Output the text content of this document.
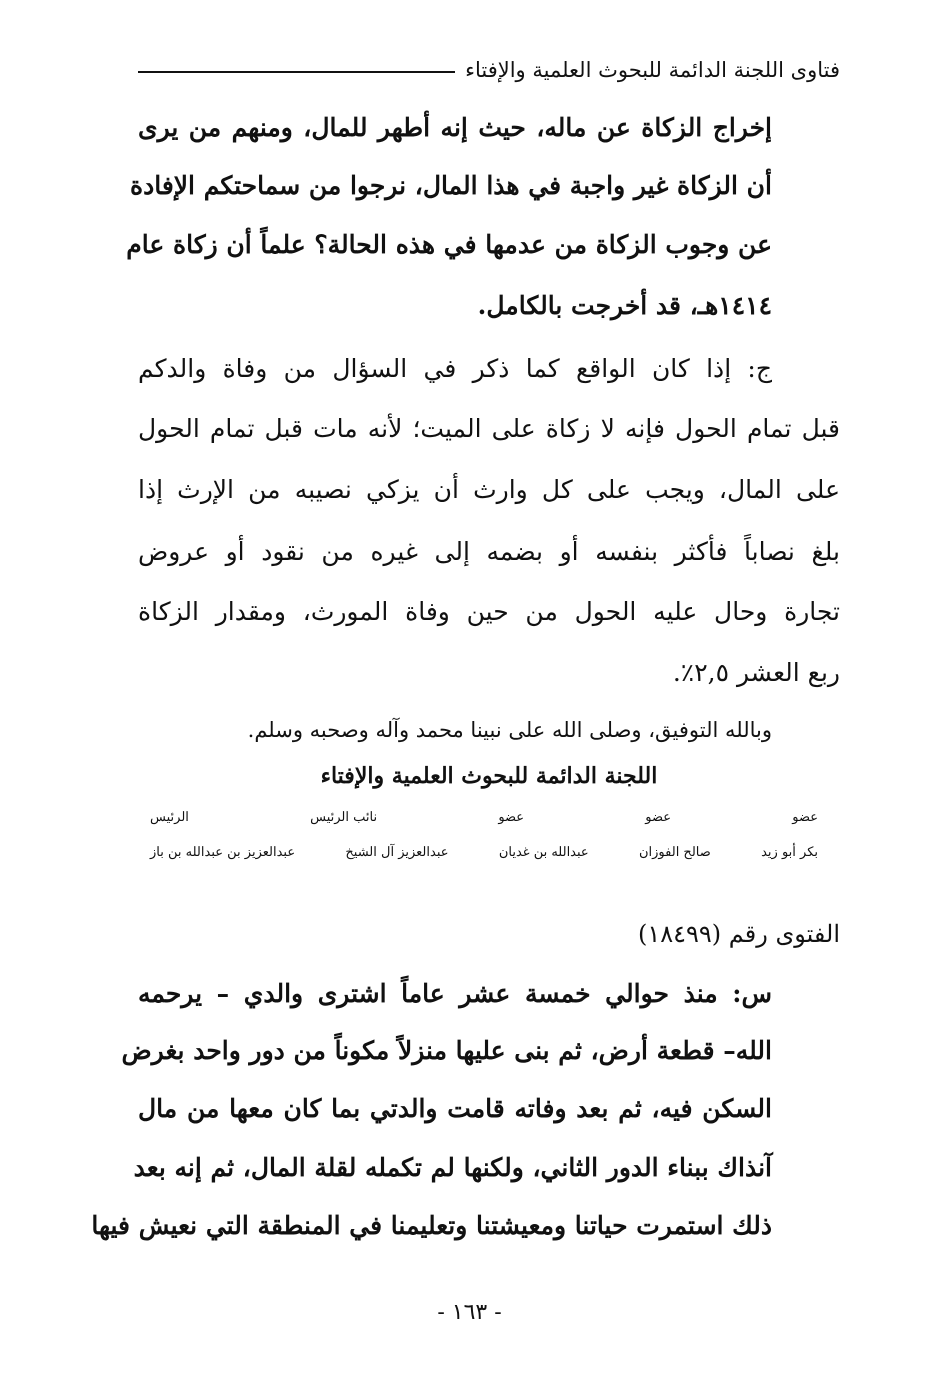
فتاوى اللجنة الدائمة للبحوث العلمية والإفتاء
إخراج الزكاة عن ماله، حيث إنه أطهر للمال، ومنهم من يرى
أن الزكاة غير واجبة في هذا المال، نرجوا من سماحتكم الإفادة
عن وجوب الزكاة من عدمها في هذه الحالة؟ علماً أن زكاة عام
١٤١٤هـ، قد أخرجت بالكامل.
ج: إذا كان الواقع كما ذكر في السؤال من وفاة والدكم
قبل تمام الحول فإنه لا زكاة على الميت؛ لأنه مات قبل تمام الحول
على المال، ويجب على كل وارث أن يزكي نصيبه من الإرث إذا
بلغ نصاباً فأكثر بنفسه أو بضمه إلى غيره من نقود أو عروض
تجارة وحال عليه الحول من حين وفاة المورث، ومقدار الزكاة
ربع العشر ٢,٥٪.
وبالله التوفيق، وصلى الله على نبينا محمد وآله وصحبه وسلم.
اللجنة الدائمة للبحوث العلمية والإفتاء
عضو
عضو
عضو
نائب الرئيس
الرئيس
بكر أبو زيد
صالح الفوزان
عبدالله بن غديان
عبدالعزيز آل الشيخ
عبدالعزيز بن عبدالله بن باز
الفتوى رقم (١٨٤٩٩)
س: منذ حوالي خمسة عشر عاماً اشترى والدي – يرحمه
الله– قطعة أرض، ثم بنى عليها منزلاً مكوناً من دور واحد بغرض
السكن فيه، ثم بعد وفاته قامت والدتي بما كان معها من مال
آنذاك ببناء الدور الثاني، ولكنها لم تكمله لقلة المال، ثم إنه بعد
ذلك استمرت حياتنا ومعيشتنا وتعليمنا في المنطقة التي نعيش فيها
- ١٦٣ -
